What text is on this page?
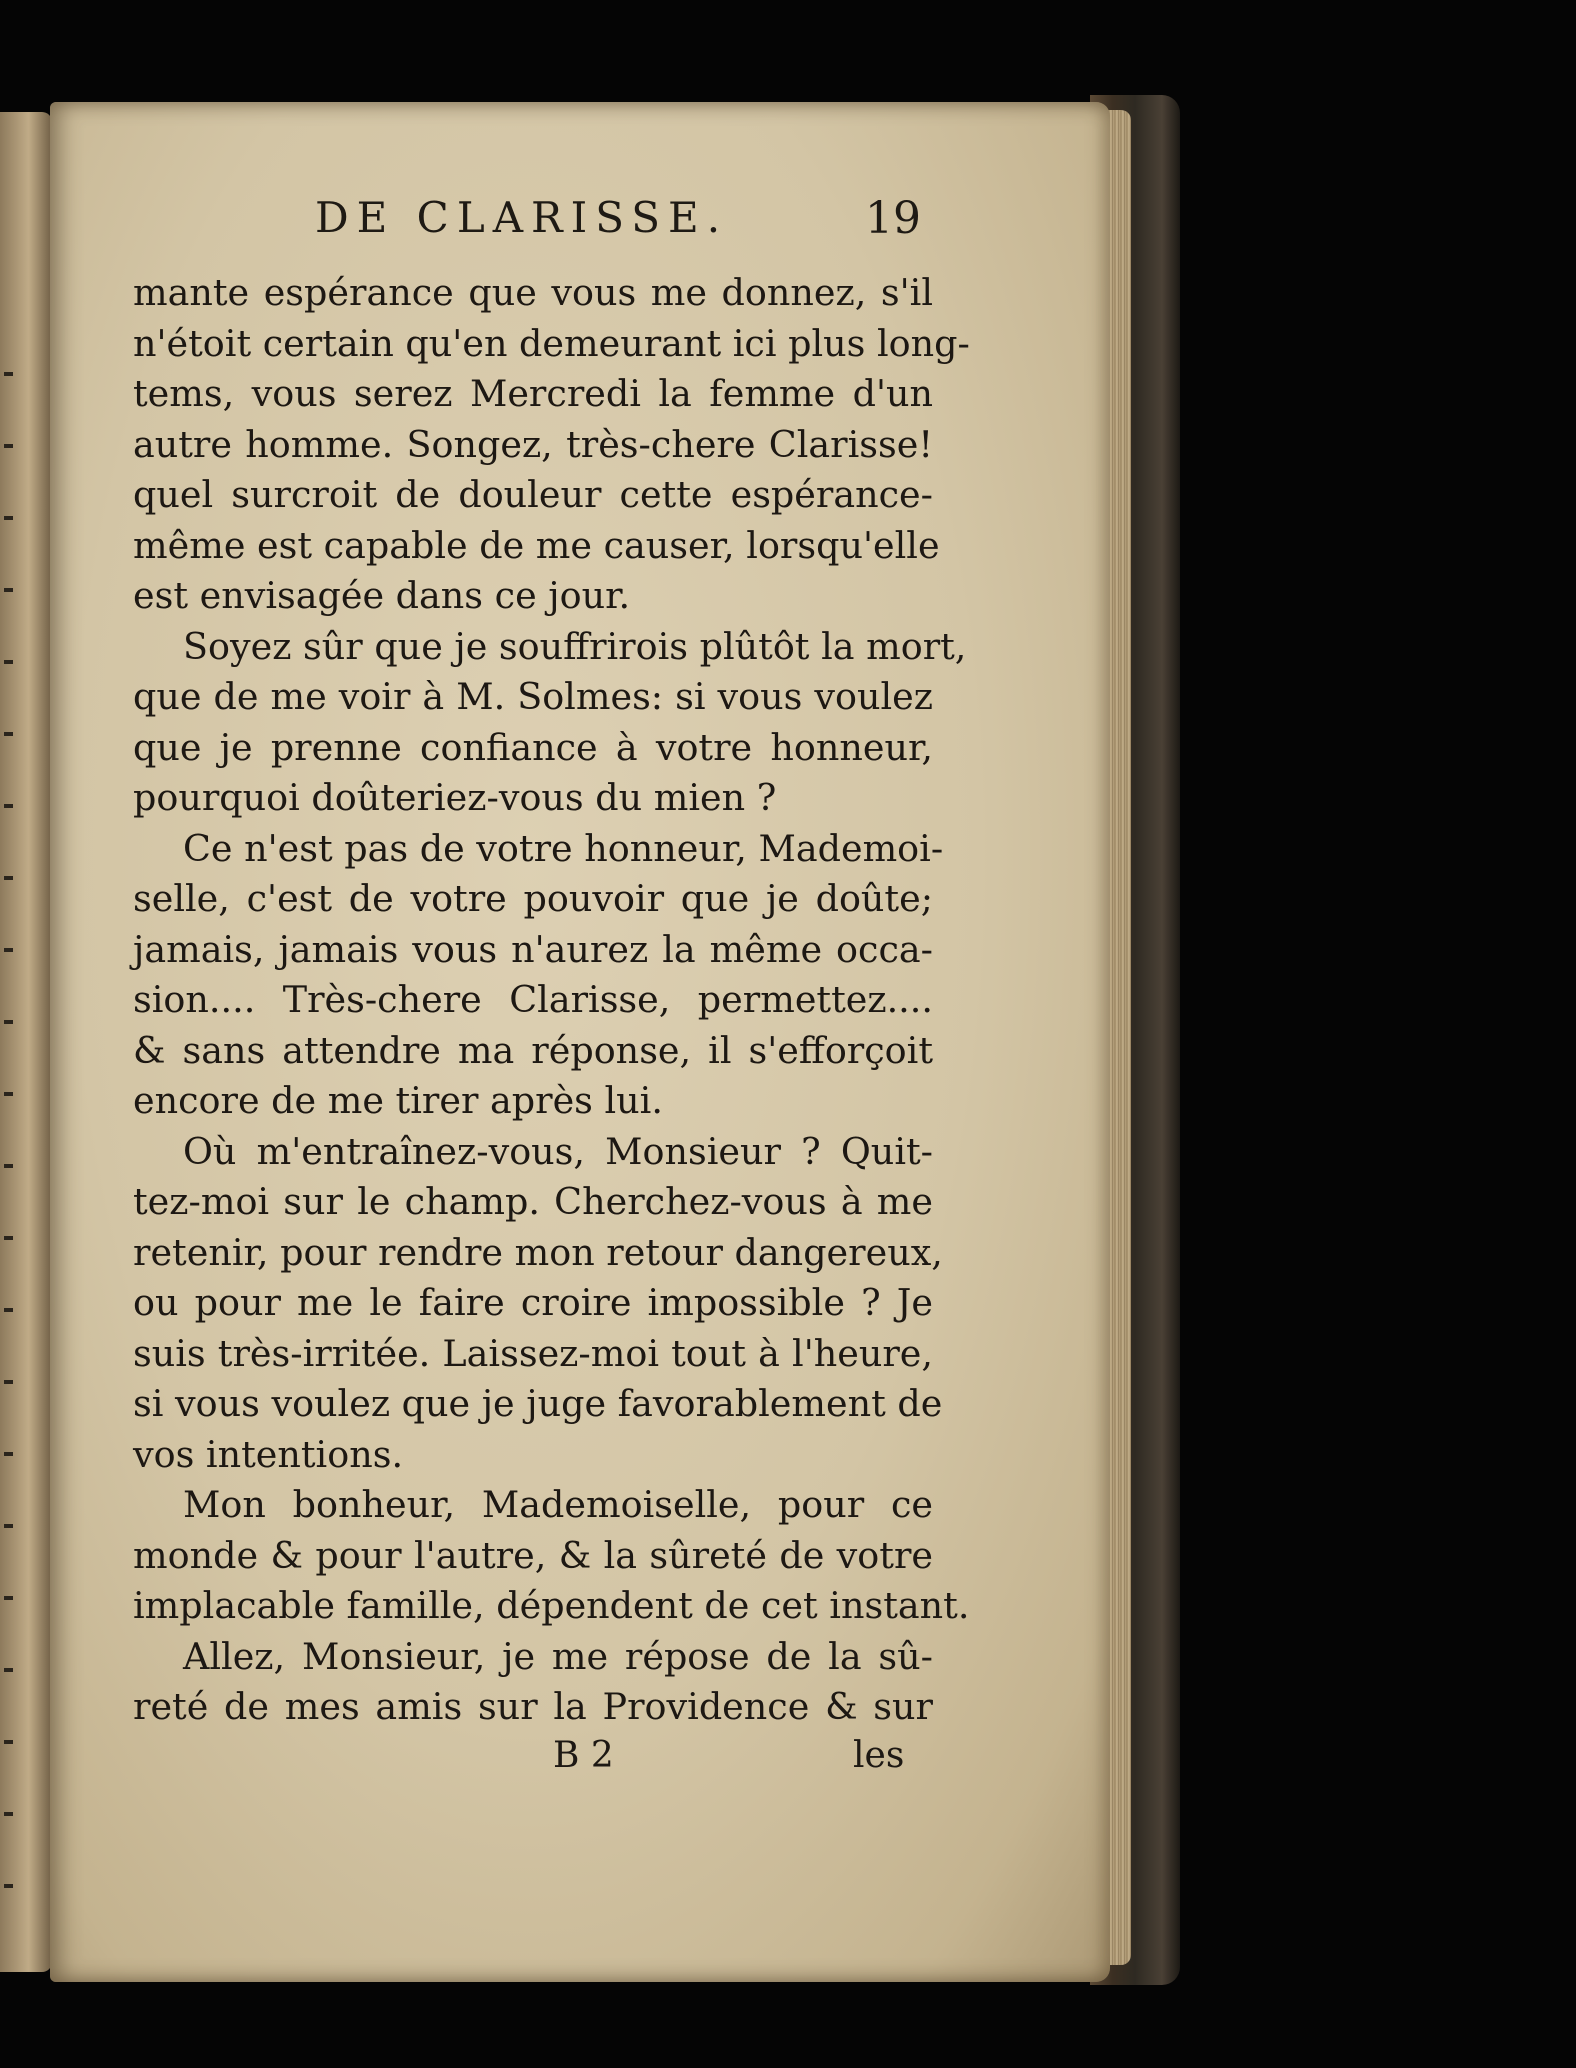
DE CLARISSE.	19
mante espérance que vous me donnez, s'il
n'étoit certain qu'en demeurant ici plus long-
tems, vous serez Mercredi la femme d'un
autre homme. Songez, très-chere Clarisse!
quel surcroit de douleur cette espérance-
même est capable de me causer, lorsqu'elle
est envisagée dans ce jour.
Soyez sûr que je souffrirois plûtôt la mort,
que de me voir à M. Solmes: si vous voulez
que je prenne confiance à votre honneur,
pourquoi doûteriez-vous du mien ?
Ce n'est pas de votre honneur, Mademoi-
selle, c'est de votre pouvoir que je doûte;
jamais, jamais vous n'aurez la même occa-
sion.... Très-chere Clarisse, permettez....
& sans attendre ma réponse, il s'efforçoit
encore de me tirer après lui.
Où m'entraînez-vous, Monsieur ? Quit-
tez-moi sur le champ. Cherchez-vous à me
retenir, pour rendre mon retour dangereux,
ou pour me le faire croire impossible ? Je
suis très-irritée. Laissez-moi tout à l'heure,
si vous voulez que je juge favorablement de
vos intentions.
Mon bonheur, Mademoiselle, pour ce
monde & pour l'autre, & la sûreté de votre
implacable famille, dépendent de cet instant.
Allez, Monsieur, je me répose de la sû-
reté de mes amis sur la Providence & sur
B 2	les
